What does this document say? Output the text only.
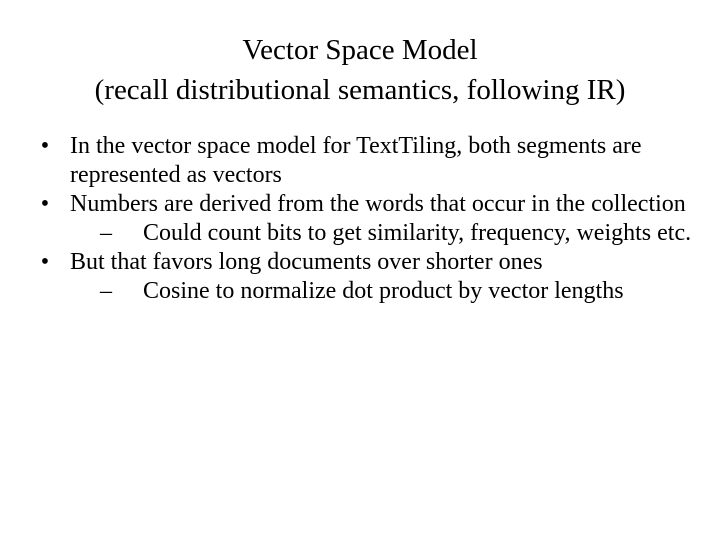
Vector Space Model
(recall distributional semantics, following IR)

• In the vector space model for TextTiling, both segments are represented as vectors

• Numbers are derived from the words that occur in the collection

– Could count bits to get similarity, frequency, weights etc.

• But that favors long documents over shorter ones

– Cosine to normalize dot product by vector lengths
